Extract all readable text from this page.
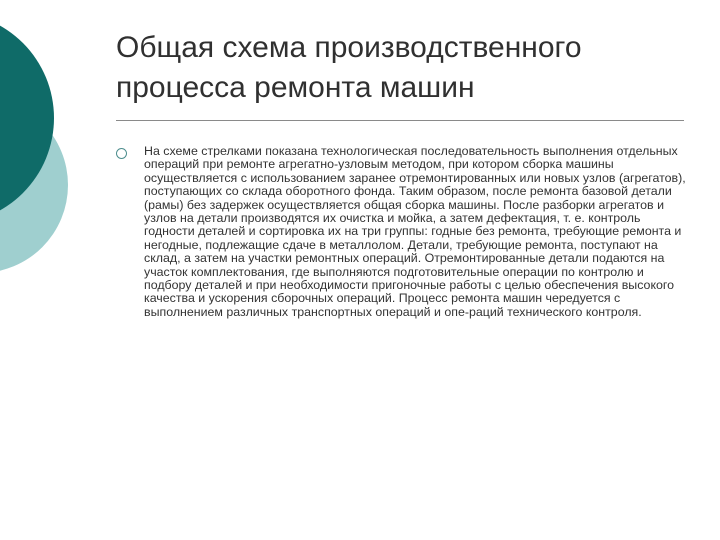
Общая схема производственного
процесса ремонта машин

На схеме стрелками показана технологическая последовательность выполнения отдельных операций при ремонте агрегатно-узловым методом, при котором сборка машины осуществляется с использованием заранее отремонтированных или новых узлов (агрегатов), поступающих со склада оборотного фонда. Таким образом, после ремонта базовой детали (рамы) без задержек осуществляется общая сборка машины. После разборки агрегатов и узлов на детали производятся их очистка и мойка, а затем дефектация, т. е. контроль годности деталей и сортировка их на три группы: годные без ремонта, требующие ремонта и негодные, подлежащие сдаче в металлолом. Детали, требующие ремонта, поступают на склад, а затем на участки ремонтных операций. Отремонтированные детали подаются на участок комплектования, где выполняются подготовительные операции по контролю и подбору деталей и при необходимости пригоночные работы с целью обеспечения высокого качества и ускорения сборочных операций. Процесс ремонта машин чередуется с выполнением различных транспортных операций и опе-раций технического контроля.
